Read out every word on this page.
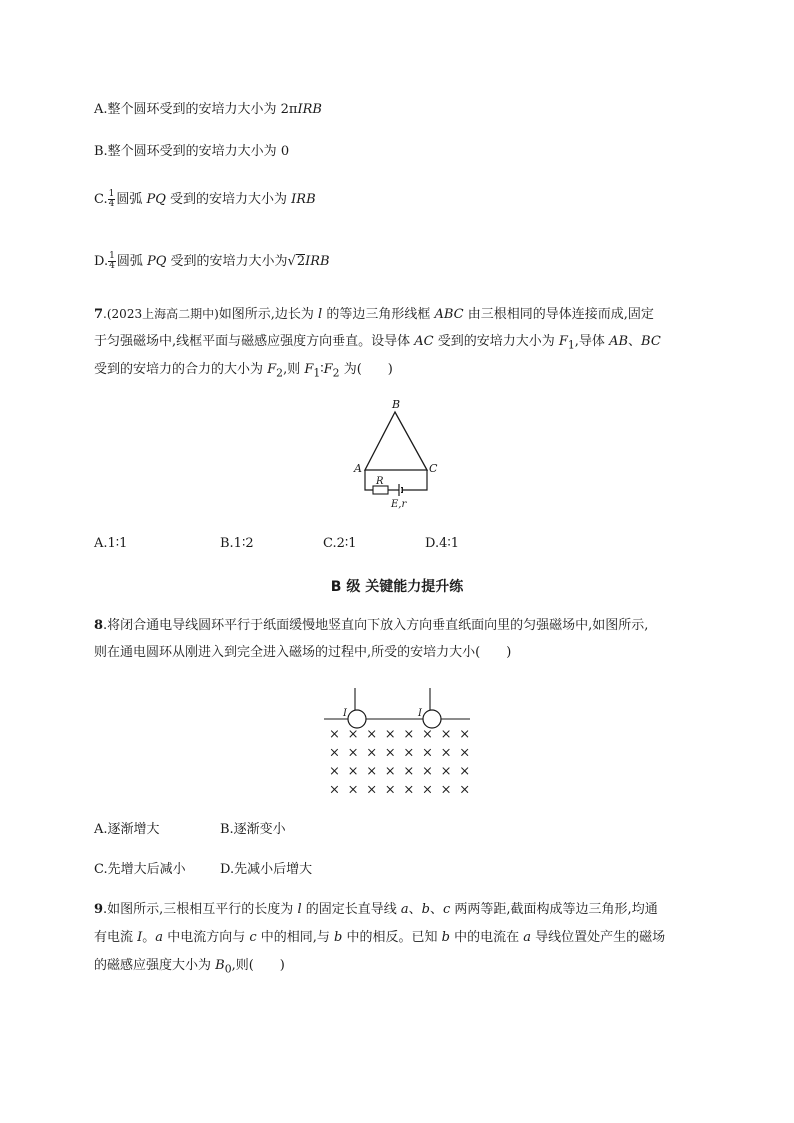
A.整个圆环受到的安培力大小为 2πIRB
B.整个圆环受到的安培力大小为 0
C. $\frac{1}{4}$ 圆弧 PQ 受到的安培力大小为 IRB
D. $\frac{1}{4}$ 圆弧 PQ 受到的安培力大小为√2IRB
7.(2023上海高二期中)如图所示,边长为 l 的等边三角形线框 ABC 由三根相同的导体连接而成,固定
于匀强磁场中,线框平面与磁感应强度方向垂直。设导体 AC 受到的安培力大小为 $F_1$,导体 AB、BC
受到的安培力的合力的大小为 $F_2$,则 $F_1∶F_2$ 为(　　)
B
A	C
R
E,r
A.1∶1	B.1∶2	C.2∶1	D.4∶1
B 级 关键能力提升练
8.将闭合通电导线圆环平行于纸面缓慢地竖直向下放入方向垂直纸面向里的匀强磁场中,如图所示,
则在通电圆环从刚进入到完全进入磁场的过程中,所受的安培力大小(　　)
I	I
× × × × × × × ×
× × × × × × × ×
× × × × × × × ×
× × × × × × × ×
A.逐渐增大	B.逐渐变小
C.先增大后减小	D.先减小后增大
9.如图所示,三根相互平行的长度为 l 的固定长直导线 a、b、c 两两等距,截面构成等边三角形,均通
有电流 I。a 中电流方向与 c 中的相同,与 b 中的相反。已知 b 中的电流在 a 导线位置处产生的磁场
的磁感应强度大小为 $B_0$,则(　　)
